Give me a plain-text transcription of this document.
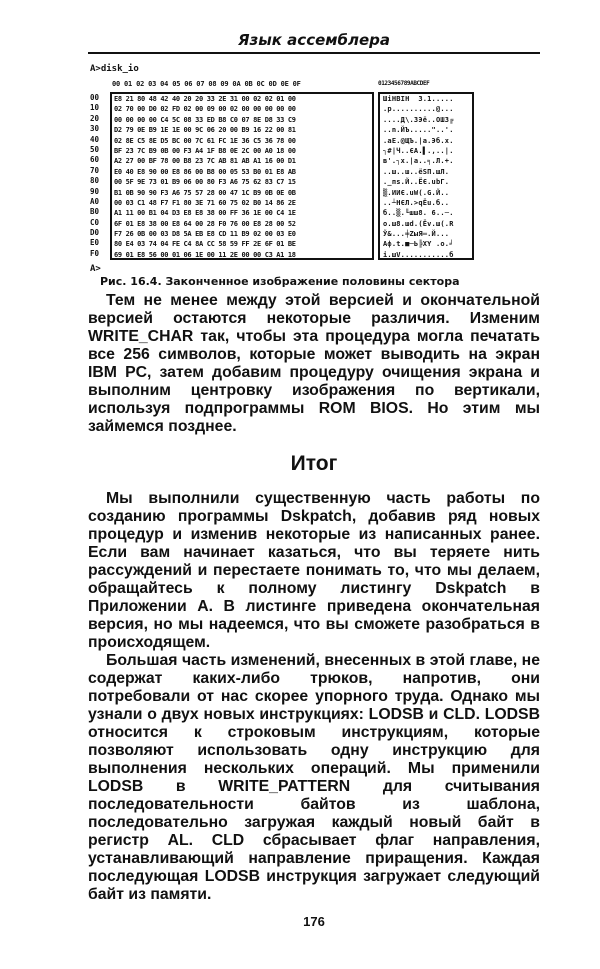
Язык ассемблера
A>disk_io
00 01 02 03 04 05 06 07 08 09 0A 0B 0C 0D 0E 0F	0123456789ABCDEF
00
10
20
30
40
50
60
70
80
90
A0
B0
C0
D0
E0
F0
E8 21 80 48 42 40 20 20 33 2E 31 00 02 02 01 00
02 70 00 D0 02 FD 02 00 09 00 02 00 00 00 00 00
00 00 00 00 C4 5C 08 33 ED B8 C0 07 8E D8 33 C9
D2 79 0E B9 1E 1E 00 9C 06 20 00 B9 16 22 00 81
02 8E C5 8E D5 BC 00 7C 61 FC 1E 36 C5 36 78 00
BF 23 7C B9 0B 00 F3 A4 1F B8 0E 2C 00 A0 18 00
A2 27 00 BF 78 00 B8 23 7C AB 81 AB A1 16 00 D1
E0 40 E8 90 00 E8 86 00 B8 00 05 53 B0 01 E8 AB
00 5F 9E 73 01 B9 06 00 80 F3 A6 75 62 83 C7 15
B1 0B 90 90 F3 A6 75 57 28 00 47 1C B9 0B 0E 0B
00 03 C1 48 F7 F1 80 3E 71 60 75 02 B0 14 86 2E
A1 11 00 B1 04 D3 E8 E8 38 00 FF 36 1E 00 C4 1E
6F 01 E8 38 00 E8 64 00 28 F0 76 00 E8 28 00 52
F7 26 0B 00 03 D8 5A EB E8 CD 11 B9 02 00 03 E0
80 E4 03 74 04 FE C4 8A CC 58 59 FF 2E 6F 01 BE
69 01 E8 56 00 01 06 1E 00 11 2E 00 00 C3 A1 18
ШіHBIH  3.1.....
.p..........@...
....Д\.3Эё..ОШ3╔
..n.ЙЪ....."..'.
.аЕ.@ЩЪ.|a.Эб.x.
┐#|Ч..ЄA.▌.,..|.
в'.┐x.|а..╕.Л.+.
..ш..ш..ёSП.шЛ.
._пs.Й..ЁЄ.ubГ.
▒.ИИЄ.uW(.G.Й..
..┴HЄЛ.>qЁu.б..
б..▒.╙шш8. 6..─.
o.ш8.шd.(Ёv.ш(.R
Ў&...╪ZыЯ═.Й...
Аф.t.■─Ь╠XY .o.╛
i.шV...........б
A>
Рис. 16.4. Законченное изображение половины сектора

Тем не менее между этой версией и окончательной версией остаются некоторые различия. Изменим WRITE_CHAR так, чтобы эта процедура могла печатать все 256 символов, которые может выводить на экран IBM PC, затем добавим процедуру очищения экрана и выполним центровку изображения по вертикали, используя подпрограммы ROM BIOS. Но этим мы займемся позднее.

Итог

Мы выполнили существенную часть работы по созданию программы Dskpatch, добавив ряд новых процедур и изменив некоторые из написанных ранее. Если вам начинает казаться, что вы теряете нить рассуждений и перестаете понимать то, что мы делаем, обращайтесь к полному листингу Dskpatch в Приложении А. В листинге приведена окончательная версия, но мы надеемся, что вы сможете разобраться в происходящем.

Большая часть изменений, внесенных в этой главе, не содержат каких-либо трюков, напротив, они потребовали от нас скорее упорного труда. Однако мы узнали о двух новых инструкциях: LODSB и CLD. LODSB относится к строковым инструкциям, которые позволяют использовать одну инструкцию для выполнения нескольких операций. Мы применили LODSB в WRITE_PATTERN для считывания последовательности байтов из шаблона, последовательно загружая каждый новый байт в регистр AL. CLD сбрасывает флаг направления, устанавливающий направление приращения. Каждая последующая LODSB инструкция загружает следующий байт из памяти.

176
